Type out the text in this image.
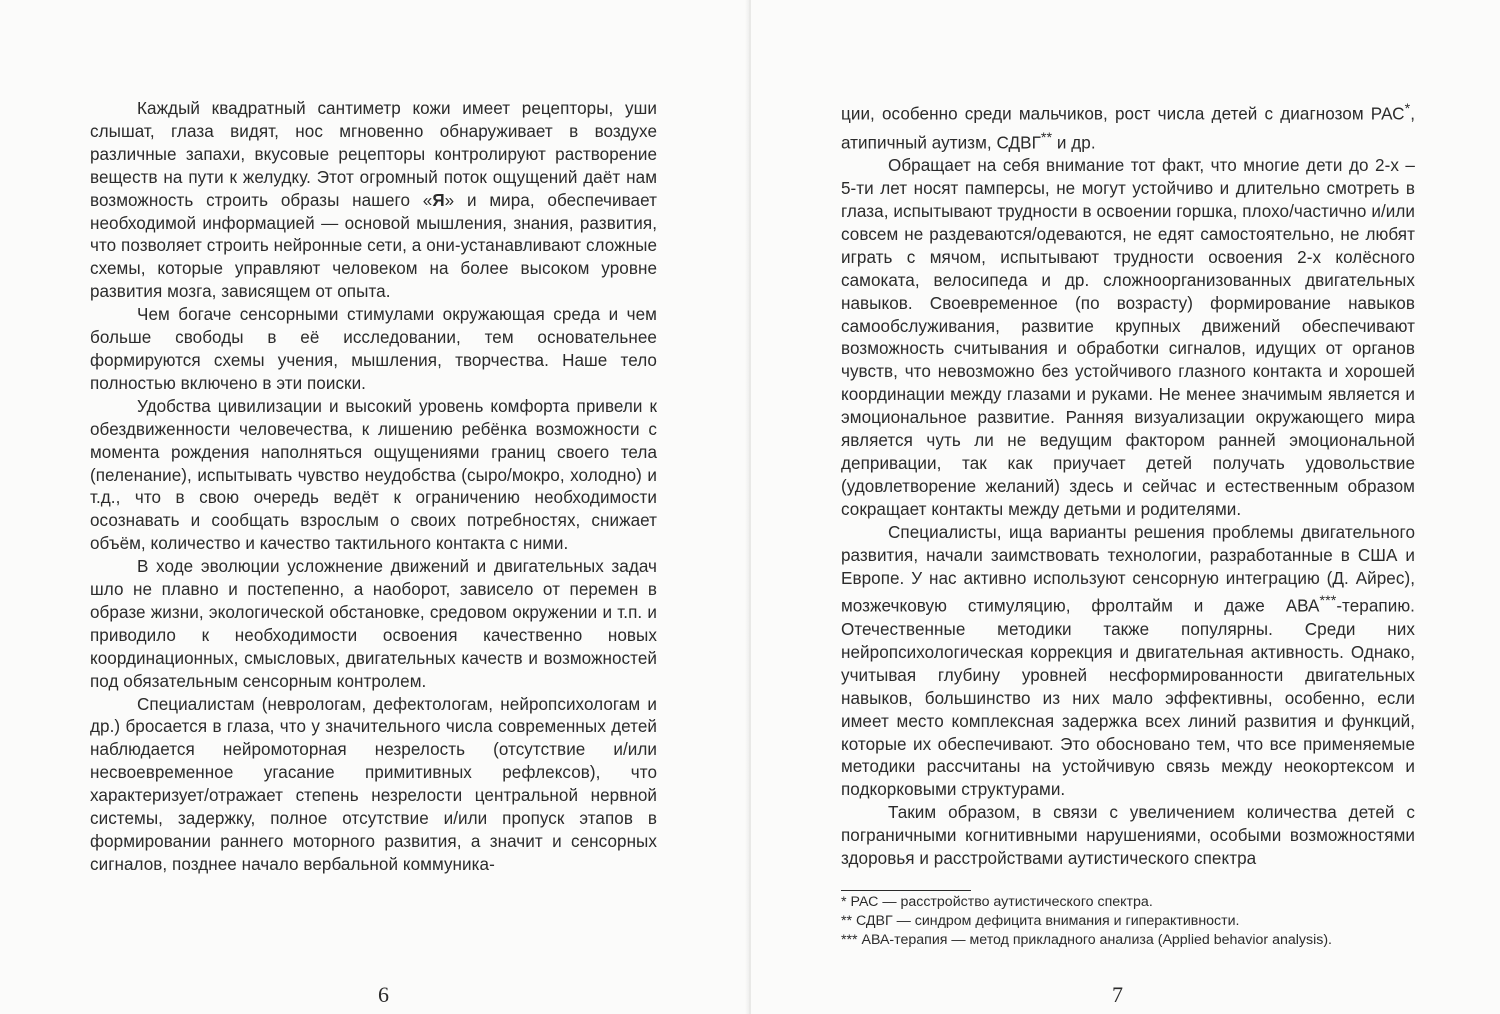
Каждый квадратный сантиметр кожи имеет рецепторы, уши слышат, глаза видят, нос мгновенно обнаруживает в воздухе различные запахи, вкусовые рецепторы контролируют растворение веществ на пути к желудку. Этот огромный поток ощущений даёт нам возможность строить образы нашего «Я» и мира, обеспечивает необходимой информацией — основой мышления, знания, развития, что позволяет строить нейронные сети, а они-устанавливают сложные схемы, которые управляют человеком на более высоком уровне развития мозга, зависящем от опыта.

Чем богаче сенсорными стимулами окружающая среда и чем больше свободы в её исследовании, тем основательнее формируются схемы учения, мышления, творчества. Наше тело полностью включено в эти поиски.

Удобства цивилизации и высокий уровень комфорта привели к обездвиженности человечества, к лишению ребёнка возможности с момента рождения наполняться ощущениями границ своего тела (пеленание), испытывать чувство неудобства (сыро/мокро, холодно) и т.д., что в свою очередь ведёт к ограничению необходимости осознавать и сообщать взрослым о своих потребностях, снижает объём, количество и качество тактильного контакта с ними.

В ходе эволюции усложнение движений и двигательных задач шло не плавно и постепенно, а наоборот, зависело от перемен в образе жизни, экологической обстановке, средовом окружении и т.п. и приводило к необходимости освоения качественно новых координационных, смысловых, двигательных качеств и возможностей под обязательным сенсорным контролем.

Специалистам (неврологам, дефектологам, нейропсихологам и др.) бросается в глаза, что у значительного числа современных детей наблюдается нейромоторная незрелость (отсутствие и/или несвоевременное угасание примитивных рефлексов), что характеризует/отражает степень незрелости центральной нервной системы, задержку, полное отсутствие и/или пропуск этапов в формировании раннего моторного развития, а значит и сенсорных сигналов, позднее начало вербальной коммуника-

6

ции, особенно среди мальчиков, рост числа детей с диагнозом РАС*, атипичный аутизм, СДВГ** и др.

Обращает на себя внимание тот факт, что многие дети до 2-х – 5-ти лет носят памперсы, не могут устойчиво и длительно смотреть в глаза, испытывают трудности в освоении горшка, плохо/частично и/или совсем не раздеваются/одеваются, не едят самостоятельно, не любят играть с мячом, испытывают трудности освоения 2-х колёсного самоката, велосипеда и др. сложноорганизованных двигательных навыков. Своевременное (по возрасту) формирование навыков самообслуживания, развитие крупных движений обеспечивают возможность считывания и обработки сигналов, идущих от органов чувств, что невозможно без устойчивого глазного контакта и хорошей координации между глазами и руками. Не менее значимым является и эмоциональное развитие. Ранняя визуализации окружающего мира является чуть ли не ведущим фактором ранней эмоциональной депривации, так как приучает детей получать удовольствие (удовлетворение желаний) здесь и сейчас и естественным образом сокращает контакты между детьми и родителями.

Специалисты, ища варианты решения проблемы двигательного развития, начали заимствовать технологии, разработанные в США и Европе. У нас активно используют сенсорную интеграцию (Д. Айрес), мозжечковую стимуляцию, фролтайм и даже АВА***-терапию. Отечественные методики также популярны. Среди них нейропсихологическая коррекция и двигательная активность. Однако, учитывая глубину уровней несформированности двигательных навыков, большинство из них мало эффективны, особенно, если имеет место комплексная задержка всех линий развития и функций, которые их обеспечивают. Это обосновано тем, что все применяемые методики рассчитаны на устойчивую связь между неокортексом и подкорковыми структурами.

Таким образом, в связи с увеличением количества детей с пограничными когнитивными нарушениями, особыми возможностями здоровья и расстройствами аутистического спектра

* РАС — расстройство аутистического спектра.
** СДВГ — синдром дефицита внимания и гиперактивности.
*** АВА-терапия — метод прикладного анализа (Applied behavior analysis).
7
